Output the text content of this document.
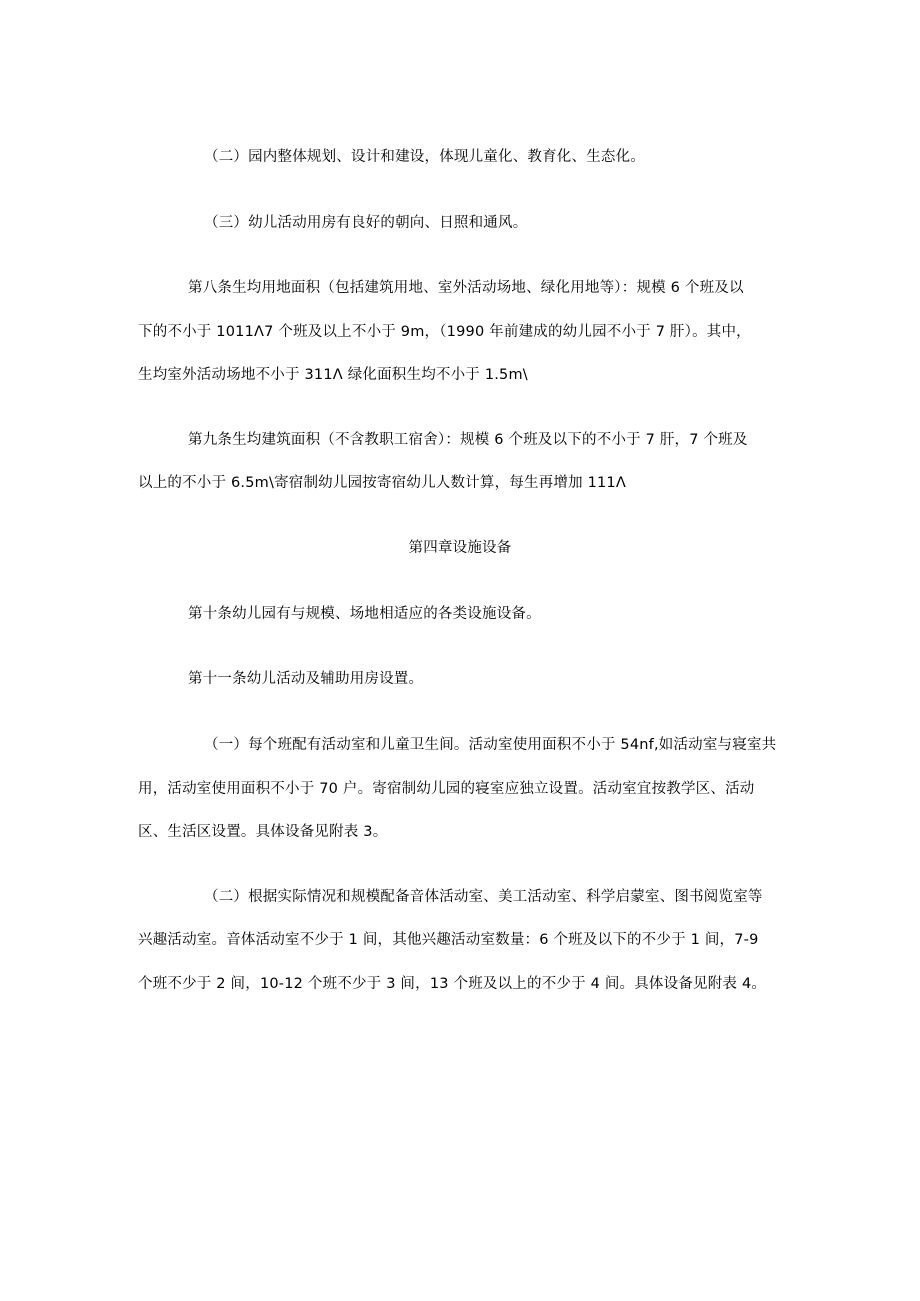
（二）园内整体规划、设计和建设，体现儿童化、教育化、生态化。
（三）幼儿活动用房有良好的朝向、日照和通风。
第八条生均用地面积（包括建筑用地、室外活动场地、绿化用地等）：规模 6 个班及以
下的不小于 1011Λ7 个班及以上不小于 9m，（1990 年前建成的幼儿园不小于 7 肝）。其中，
生均室外活动场地不小于 311Λ 绿化面积生均不小于 1.5m\
第九条生均建筑面积（不含教职工宿舍）：规模 6 个班及以下的不小于 7 肝，7 个班及
以上的不小于 6.5m\寄宿制幼儿园按寄宿幼儿人数计算，每生再增加 111Λ
第四章设施设备
第十条幼儿园有与规模、场地相适应的各类设施设备。
第十一条幼儿活动及辅助用房设置。
（一）每个班配有活动室和儿童卫生间。活动室使用面积不小于 54nf,如活动室与寝室共
用，活动室使用面积不小于 70 户。寄宿制幼儿园的寝室应独立设置。活动室宜按教学区、活动
区、生活区设置。具体设备见附表 3。
（二）根据实际情况和规模配备音体活动室、美工活动室、科学启蒙室、图书阅览室等
兴趣活动室。音体活动室不少于 1 间，其他兴趣活动室数量：6 个班及以下的不少于 1 间，7-9
个班不少于 2 间，10-12 个班不少于 3 间，13 个班及以上的不少于 4 间。具体设备见附表 4。
